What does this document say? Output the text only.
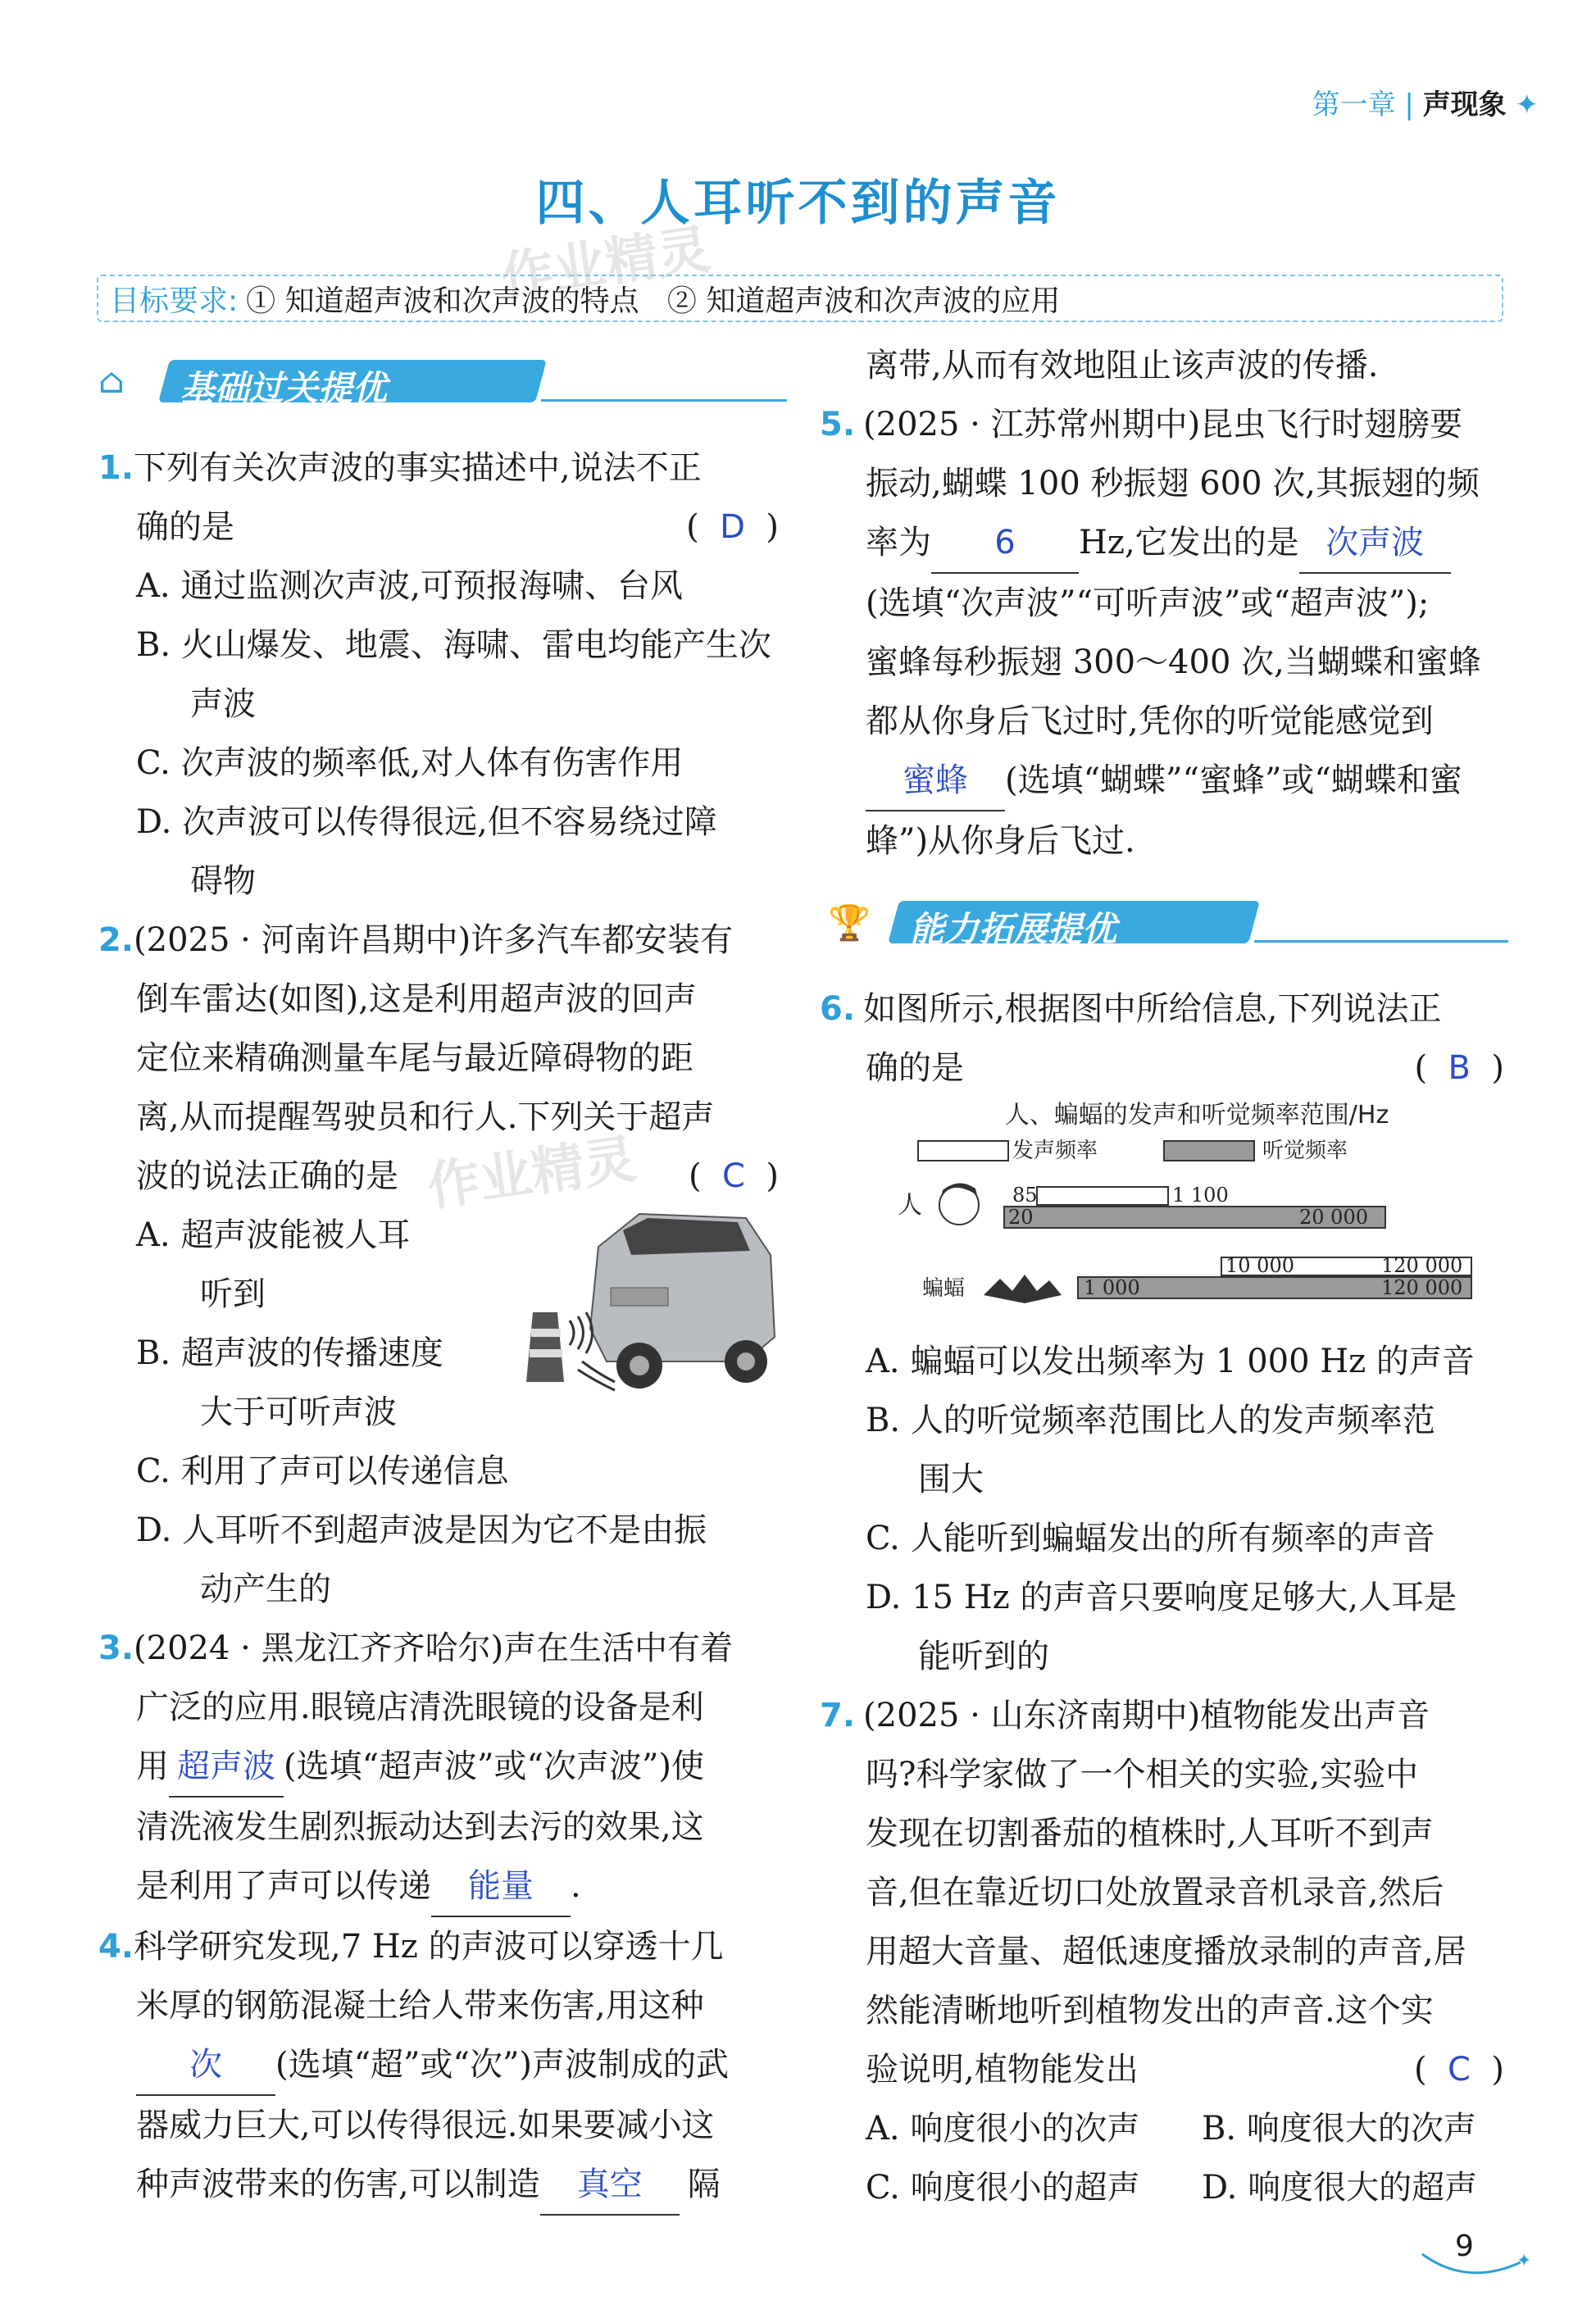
第一章 | 声现象 ✦
四、人耳听不到的声音
作业精灵
目标要求: ① 知道超声波和次声波的特点   ② 知道超声波和次声波的应用
⌂ 基础过关提优
1.下列有关次声波的事实描述中,说法不正
确的是	(  D  )
A. 通过监测次声波,可预报海啸、台风
B. 火山爆发、地震、海啸、雷电均能产生次
声波
C. 次声波的频率低,对人体有伤害作用
D. 次声波可以传得很远,但不容易绕过障
碍物
2.(2025 · 河南许昌期中)许多汽车都安装有
倒车雷达(如图),这是利用超声波的回声
定位来精确测量车尾与最近障碍物的距
离,从而提醒驾驶员和行人.下列关于超声
波的说法正确的是	(  C  )
A. 超声波能被人耳
听到
B. 超声波的传播速度
大于可听声波
C. 利用了声可以传递信息
D. 人耳听不到超声波是因为它不是由振
动产生的
3.(2024 · 黑龙江齐齐哈尔)声在生活中有着
广泛的应用.眼镜店清洗眼镜的设备是利
用 超声波 (选填“超声波”或“次声波”)使
清洗液发生剧烈振动达到去污的效果,这
是利用了声可以传递 能量 .
4.科学研究发现,7 Hz 的声波可以穿透十几
米厚的钢筋混凝土给人带来伤害,用这种
次 (选填“超”或“次”)声波制成的武
器威力巨大,可以传得很远.如果要减小这
种声波带来的伤害,可以制造 真空 隔
作业精灵
离带,从而有效地阻止该声波的传播.
5. (2025 · 江苏常州期中)昆虫飞行时翅膀要
振动,蝴蝶 100 秒振翅 600 次,其振翅的频
率为 6 Hz,它发出的是 次声波
(选填“次声波”“可听声波”或“超声波”);
蜜蜂每秒振翅 300～400 次,当蝴蝶和蜜蜂
都从你身后飞过时,凭你的听觉能感觉到
蜜蜂 (选填“蝴蝶”“蜜蜂”或“蝴蝶和蜜
蜂”)从你身后飞过.
🏆 能力拓展提优
6. 如图所示,根据图中所给信息,下列说法正
确的是	(  B  )
人、蝙蝠的发声和听觉频率范围/Hz
发声频率	听觉频率
人
蝙蝠
85	1 100
20	20 000
10 000	120 000
1 000	120 000
A. 蝙蝠可以发出频率为 1 000 Hz 的声音
B. 人的听觉频率范围比人的发声频率范
围大
C. 人能听到蝙蝠发出的所有频率的声音
D. 15 Hz 的声音只要响度足够大,人耳是
能听到的
7. (2025 · 山东济南期中)植物能发出声音
吗?科学家做了一个相关的实验,实验中
发现在切割番茄的植株时,人耳听不到声
音,但在靠近切口处放置录音机录音,然后
用超大音量、超低速度播放录制的声音,居
然能清晰地听到植物发出的声音.这个实
验说明,植物能发出	(  C  )
A. 响度很小的次声 B. 响度很大的次声
C. 响度很小的超声 D. 响度很大的超声
9 ✦
